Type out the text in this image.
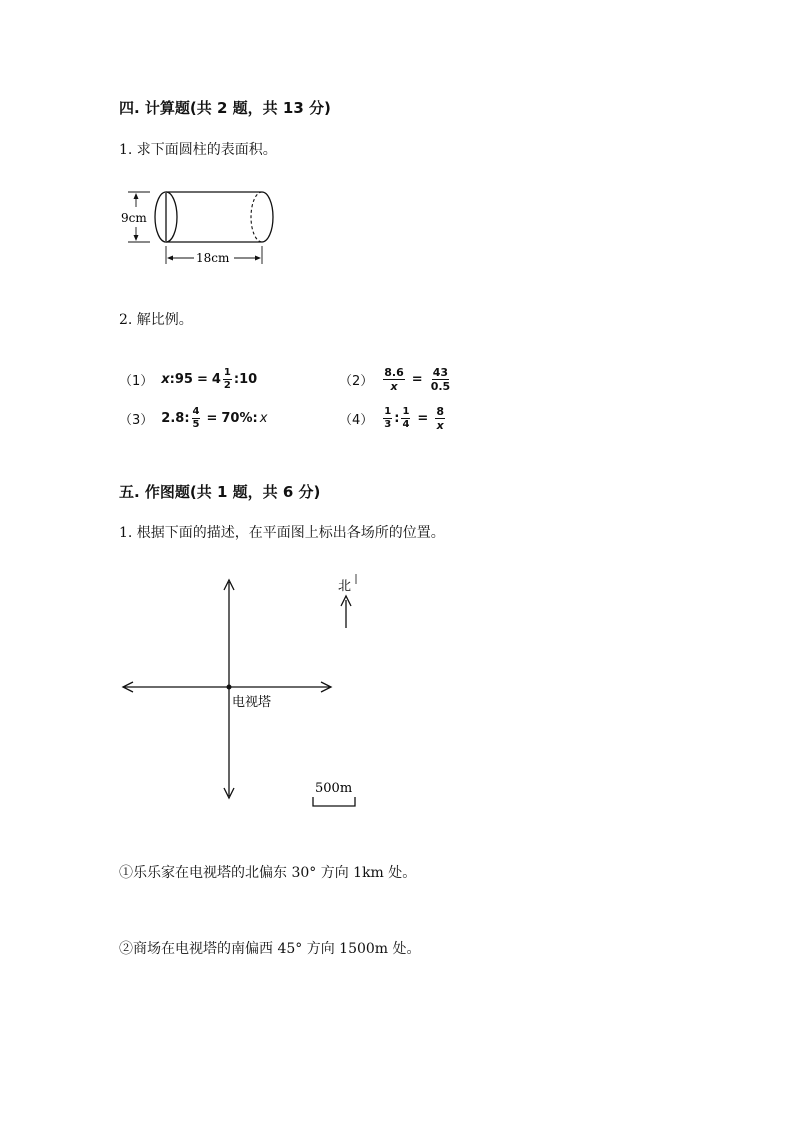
四. 计算题(共 2 题，共 13 分)
1. 求下面圆柱的表面积。
9cm
18cm
2. 解比例。
（1） x : $95 = 4 \frac{1}{2}$ : 10	$(2) \frac{8.6}{x} = \frac{43}{0.5}$
（3） 2.8 : $\frac{4}{5} = 70\%$ : x	$(4) \frac{1}{3}$ : $\frac{1}{4} = \frac{8}{x}$
五. 作图题(共 1 题，共 6 分)
1. 根据下面的描述，在平面图上标出各场所的位置。
电视塔
北
500m
①乐乐家在电视塔的北偏东 30° 方向 1km 处。
②商场在电视塔的南偏西 45° 方向 1500m 处。
